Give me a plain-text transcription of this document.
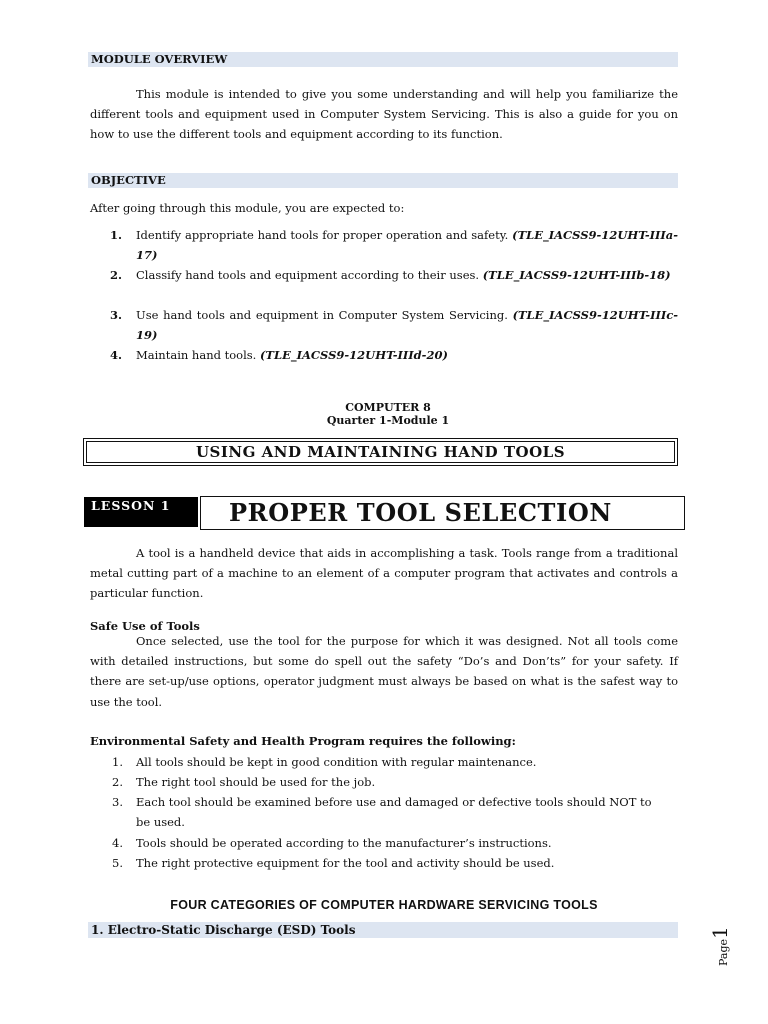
MODULE OVERVIEW
This module is intended to give you some understanding and will help you familiarize the different tools and equipment used in Computer System Servicing. This is also a guide for you on how to use the different tools and equipment according to its function.
OBJECTIVE
After going through this module, you are expected to:
1. Identify appropriate hand tools for proper operation and safety. (TLE_IACSS9-12UHT-IIIa-17)
2. Classify hand tools and equipment according to their uses. (TLE_IACSS9-12UHT-IIIb-18)
3. Use hand tools and equipment in Computer System Servicing. (TLE_IACSS9-12UHT-IIIc-19)
4. Maintain hand tools. (TLE_IACSS9-12UHT-IIId-20)
COMPUTER 8
Quarter 1-Module 1
USING AND MAINTAINING HAND TOOLS
LESSON 1	PROPER TOOL SELECTION
A tool is a handheld device that aids in accomplishing a task. Tools range from a traditional metal cutting part of a machine to an element of a computer program that activates and controls a particular function.
Safe Use of Tools
Once selected, use the tool for the purpose for which it was designed. Not all tools come with detailed instructions, but some do spell out the safety “Do’s and Don’ts” for your safety. If there are set-up/use options, operator judgment must always be based on what is the safest way to use the tool.
Environmental Safety and Health Program requires the following:
1. All tools should be kept in good condition with regular maintenance.
2. The right tool should be used for the job.
3. Each tool should be examined before use and damaged or defective tools should NOT to be used.
4. Tools should be operated according to the manufacturer’s instructions.
5. The right protective equipment for the tool and activity should be used.
FOUR CATEGORIES OF COMPUTER HARDWARE SERVICING TOOLS
1. Electro-Static Discharge (ESD) Tools
Page1
